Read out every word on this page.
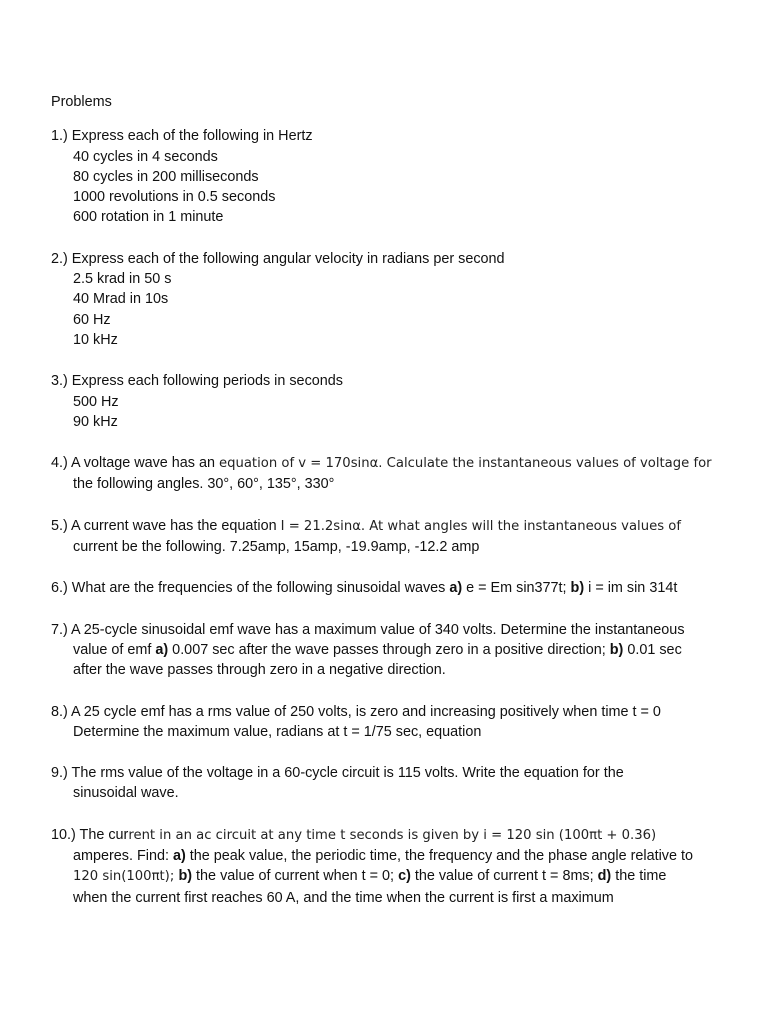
Problems
1.) Express each of the following in Hertz
40 cycles in 4 seconds
80 cycles in 200 milliseconds
1000 revolutions in 0.5 seconds
600 rotation in 1 minute
2.) Express each of the following angular velocity in radians per second
2.5 krad in 50 s
40 Mrad in 10s
60 Hz
10 kHz
3.) Express each following periods in seconds
500 Hz
90 kHz
4.) A voltage wave has an equation of v = 170sinα. Calculate the instantaneous values of voltage for
the following angles. 30°, 60°, 135°, 330°
5.) A current wave has the equation I = 21.2sinα. At what angles will the instantaneous values of
current be the following. 7.25amp, 15amp, -19.9amp, -12.2 amp
6.) What are the frequencies of the following sinusoidal waves a) e = Em sin377t; b) i = im sin 314t
7.) A 25-cycle sinusoidal emf wave has a maximum value of 340 volts. Determine the instantaneous
value of emf a) 0.007 sec after the wave passes through zero in a positive direction; b) 0.01 sec
after the wave passes through zero in a negative direction.
8.) A 25 cycle emf has a rms value of 250 volts, is zero and increasing positively when time t = 0
Determine the maximum value, radians at t = 1/75 sec, equation
9.) The rms value of the voltage in a 60-cycle circuit is 115 volts. Write the equation for the
sinusoidal wave.
10.) The current in an ac circuit at any time t seconds is given by i = 120 sin (100πt + 0.36)
amperes. Find: a) the peak value, the periodic time, the frequency and the phase angle relative to
120 sin(100πt); b) the value of current when t = 0; c) the value of current t = 8ms; d) the time
when the current first reaches 60 A, and the time when the current is first a maximum
